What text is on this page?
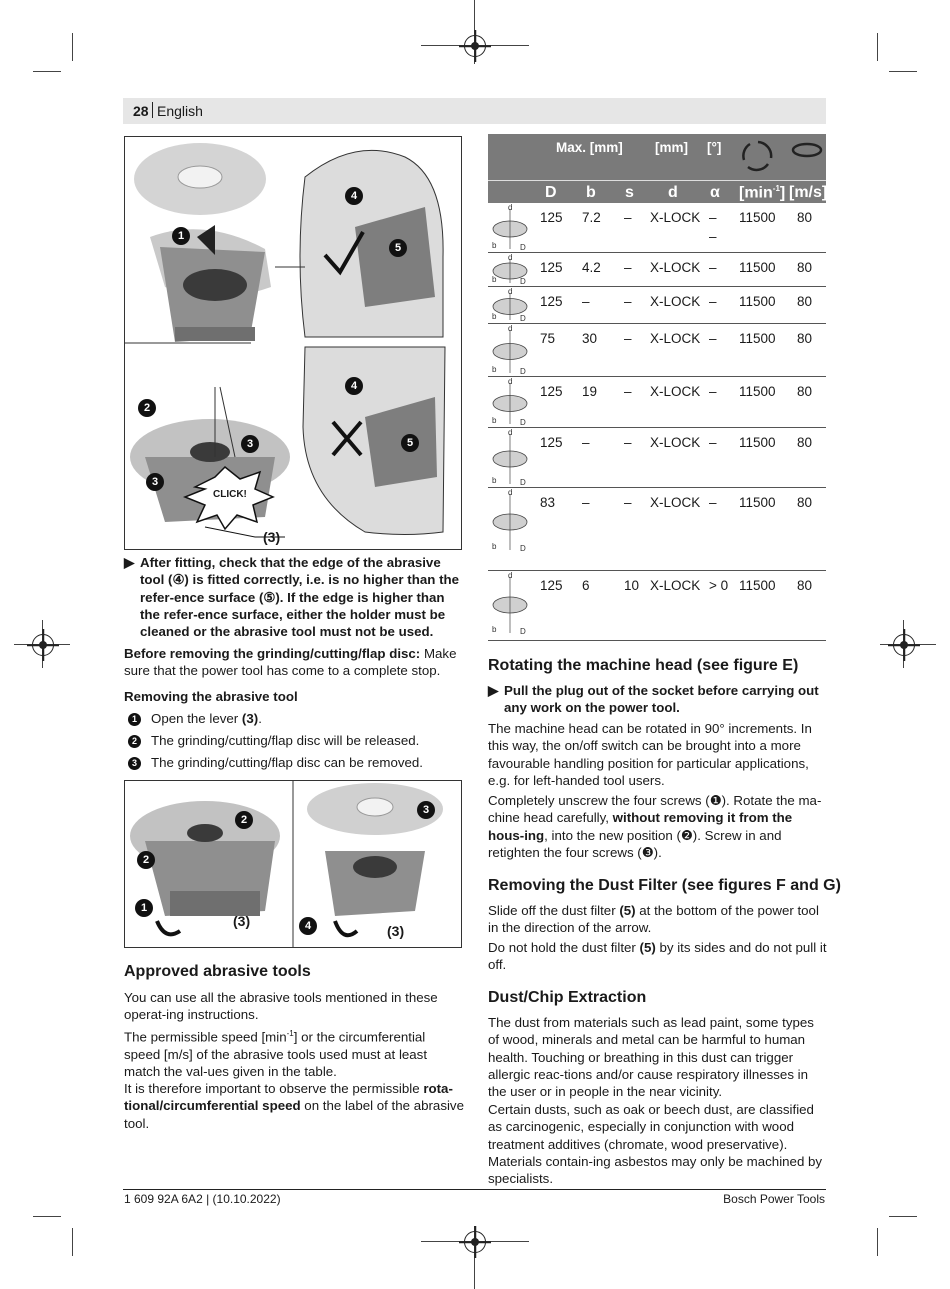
28 English
4
5
1
4
5
2
3
3
CLICK!
(3)
▶ After fitting, check that the edge of the abrasive tool (④) is fitted correctly, i.e. is no higher than the refer-ence surface (⑤). If the edge is higher than the refer-ence surface, either the holder must be cleaned or the abrasive tool must not be used.
Before removing the grinding/cutting/flap disc: Make sure that the power tool has come to a complete stop.
Removing the abrasive tool
1 Open the lever (3).
2 The grinding/cutting/flap disc will be released.
3 The grinding/cutting/flap disc can be removed.
2
2
1
(3)
3
4	(3)
Approved abrasive tools
You can use all the abrasive tools mentioned in these operat-ing instructions.
The permissible speed $[\min^{-1}]$ or the circumferential speed [m/s] of the abrasive tools used must at least match the val-ues given in the table.
It is therefore important to observe the permissible rota-tional/circumferential speed on the label of the abrasive tool.
Max. [mm] [mm] [°]
D b s d α $[\min^{-1}]$ [m/s]
d
D
b
125 7.2 – X-LOCK – 11500 80
–
d
D
b
125 4.2 – X-LOCK – 11500 80
d
D
b
125 –	– X-LOCK – 11500 80
d
D
b
75 30 – X-LOCK – 11500 80
d
D
b
125 19 – X-LOCK – 11500 80
d
D
b
125 –	– X-LOCK – 11500 80
d
D
b
83 –	– X-LOCK – 11500 80
d
D
b
125 6	10 X-LOCK > 0 11500 80
Rotating the machine head (see figure E)
▶ Pull the plug out of the socket before carrying out any work on the power tool.
The machine head can be rotated in 90° increments. In this way, the on/off switch can be brought into a more favourable handling position for particular applications, e.g. for left-handed tool users.
Completely unscrew the four screws (❶). Rotate the ma-chine head carefully, without removing it from the hous-ing, into the new position (❷). Screw in and retighten the four screws (❸).
Removing the Dust Filter (see figures F and G)
Slide off the dust filter (5) at the bottom of the power tool in the direction of the arrow.
Do not hold the dust filter (5) by its sides and do not pull it off.
Dust/Chip Extraction
The dust from materials such as lead paint, some types of wood, minerals and metal can be harmful to human health. Touching or breathing in this dust can trigger allergic reac-tions and/or cause respiratory illnesses in the user or in people in the near vicinity.
Certain dusts, such as oak or beech dust, are classified as carcinogenic, especially in conjunction with wood treatment additives (chromate, wood preservative). Materials contain-ing asbestos may only be machined by specialists.
1 609 92A 6A2 | (10.10.2022)	Bosch Power Tools
